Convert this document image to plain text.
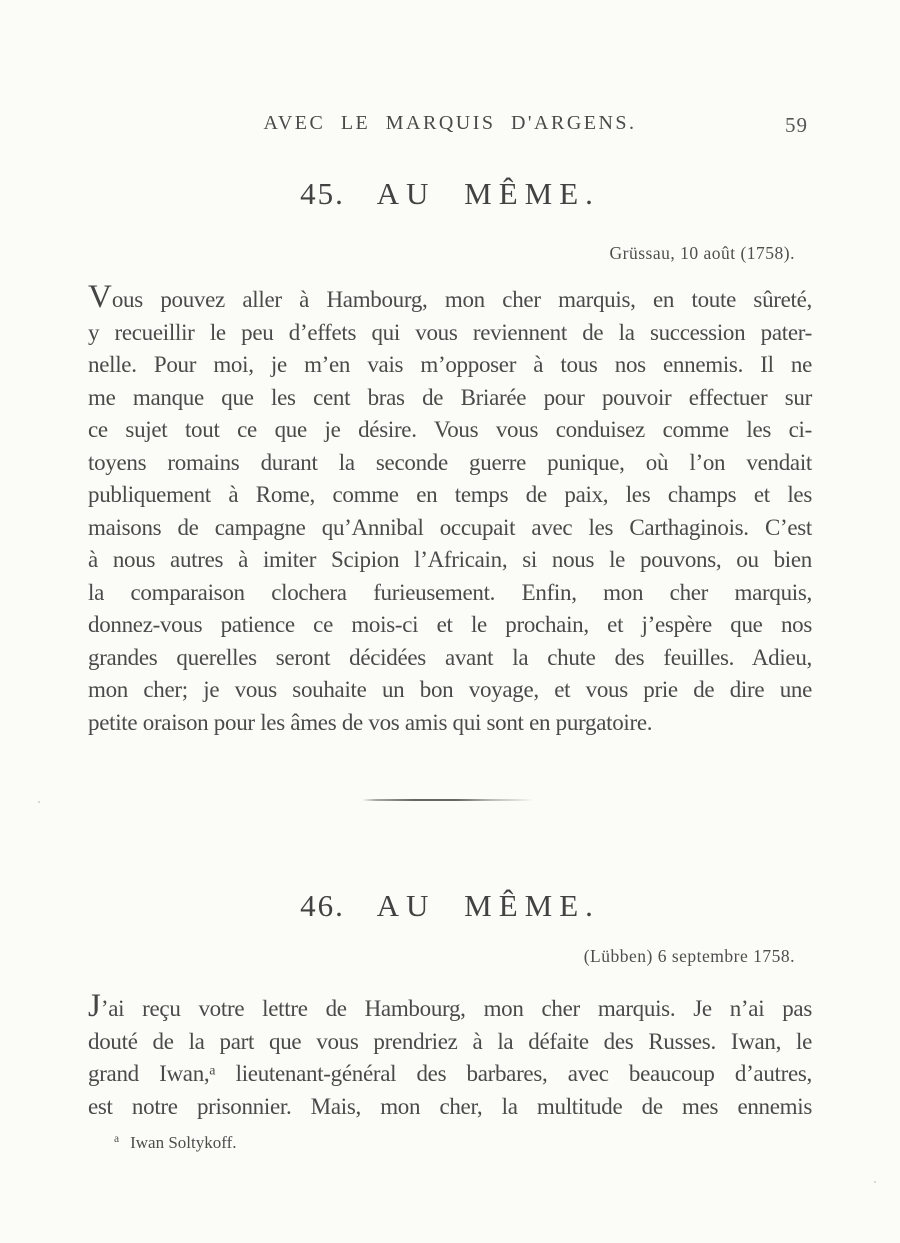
AVEC LE MARQUIS D'ARGENS.	59
45. AU MÊME.
Grüssau, 10 août (1758).
Vous pouvez aller à Hambourg, mon cher marquis, en toute sûreté,
y recueillir le peu d’effets qui vous reviennent de la succession pater-
nelle. Pour moi, je m’en vais m’opposer à tous nos ennemis. Il ne
me manque que les cent bras de Briarée pour pouvoir effectuer sur
ce sujet tout ce que je désire. Vous vous conduisez comme les ci-
toyens romains durant la seconde guerre punique, où l’on vendait
publiquement à Rome, comme en temps de paix, les champs et les
maisons de campagne qu’Annibal occupait avec les Carthaginois. C’est
à nous autres à imiter Scipion l’Africain, si nous le pouvons, ou bien
la comparaison clochera furieusement. Enfin, mon cher marquis,
donnez-vous patience ce mois-ci et le prochain, et j’espère que nos
grandes querelles seront décidées avant la chute des feuilles. Adieu,
mon cher; je vous souhaite un bon voyage, et vous prie de dire une
petite oraison pour les âmes de vos amis qui sont en purgatoire.
46. AU MÊME.
(Lübben) 6 septembre 1758.
J’ai reçu votre lettre de Hambourg, mon cher marquis. Je n’ai pas
douté de la part que vous prendriez à la défaite des Russes. Iwan, le
grand Iwan,ᵃ lieutenant-général des barbares, avec beaucoup d’autres,
est notre prisonnier. Mais, mon cher, la multitude de mes ennemis
$^a$ Iwan Soltykoff.
